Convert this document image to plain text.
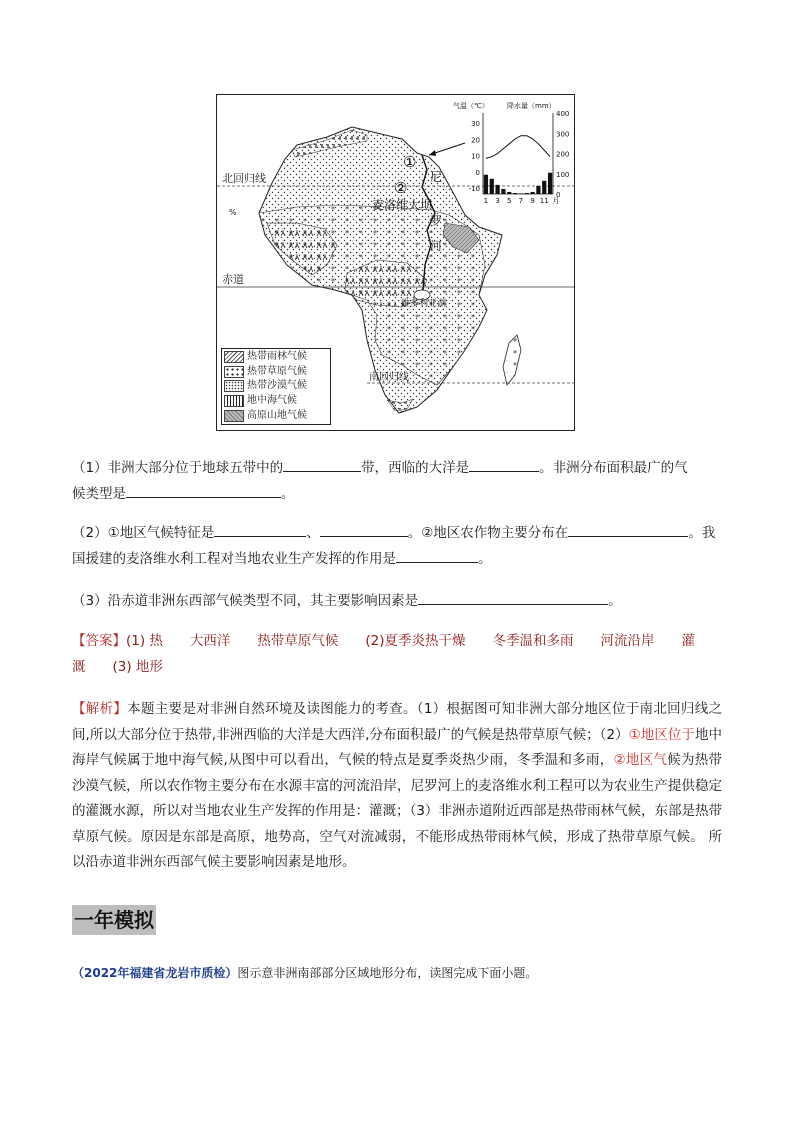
北回归线
赤道
南回归线
%
①
②
麦洛维大坝
尼
罗
河
维多利亚湖
气温（℃）	降水量（mm）
30
20
10
0
-10
400
300
200
100
0
1 3 5 7 9 11 月
热带雨林气候
热带草原气候
热带沙漠气候
地中海气候
高原山地气候
（1）非洲大部分位于地球五带中的	带，西临的大洋是	。非洲分布面积最广的气
候类型是	。
（2）①地区气候特征是	、	。②地区农作物主要分布在	。我
国援建的麦洛维水利工程对当地农业生产发挥的作用是	。
（3）沿赤道非洲东西部气候类型不同，其主要影响因素是	。
【答案】(1) 热　　大西洋　　热带草原气候　　(2)夏季炎热干燥　　冬季温和多雨　　河流沿岸　　灌
溉　　(3) 地形
【解析】本题主要是对非洲自然环境及读图能力的考查。（1）根据图可知非洲大部分地区位于南北回归线之间,所以大部分位于热带,非洲西临的大洋是大西洋,分布面积最广的气候是热带草原气候；（2）①地区位于地中海岸气候属于地中海气候,从图中可以看出，气候的特点是夏季炎热少雨，冬季温和多雨，②地区气候为热带沙漠气候，所以农作物主要分布在水源丰富的河流沿岸，尼罗河上的麦洛维水利工程可以为农业生产提供稳定的灌溉水源，所以对当地农业生产发挥的作用是：灌溉；（3）非洲赤道附近西部是热带雨林气候，东部是热带草原气候。原因是东部是高原，地势高，空气对流减弱，不能形成热带雨林气候，形成了热带草原气候。 所以沿赤道非洲东西部气候主要影响因素是地形。
一年模拟
（2022年福建省龙岩市质检）图示意非洲南部部分区域地形分布，读图完成下面小题。
